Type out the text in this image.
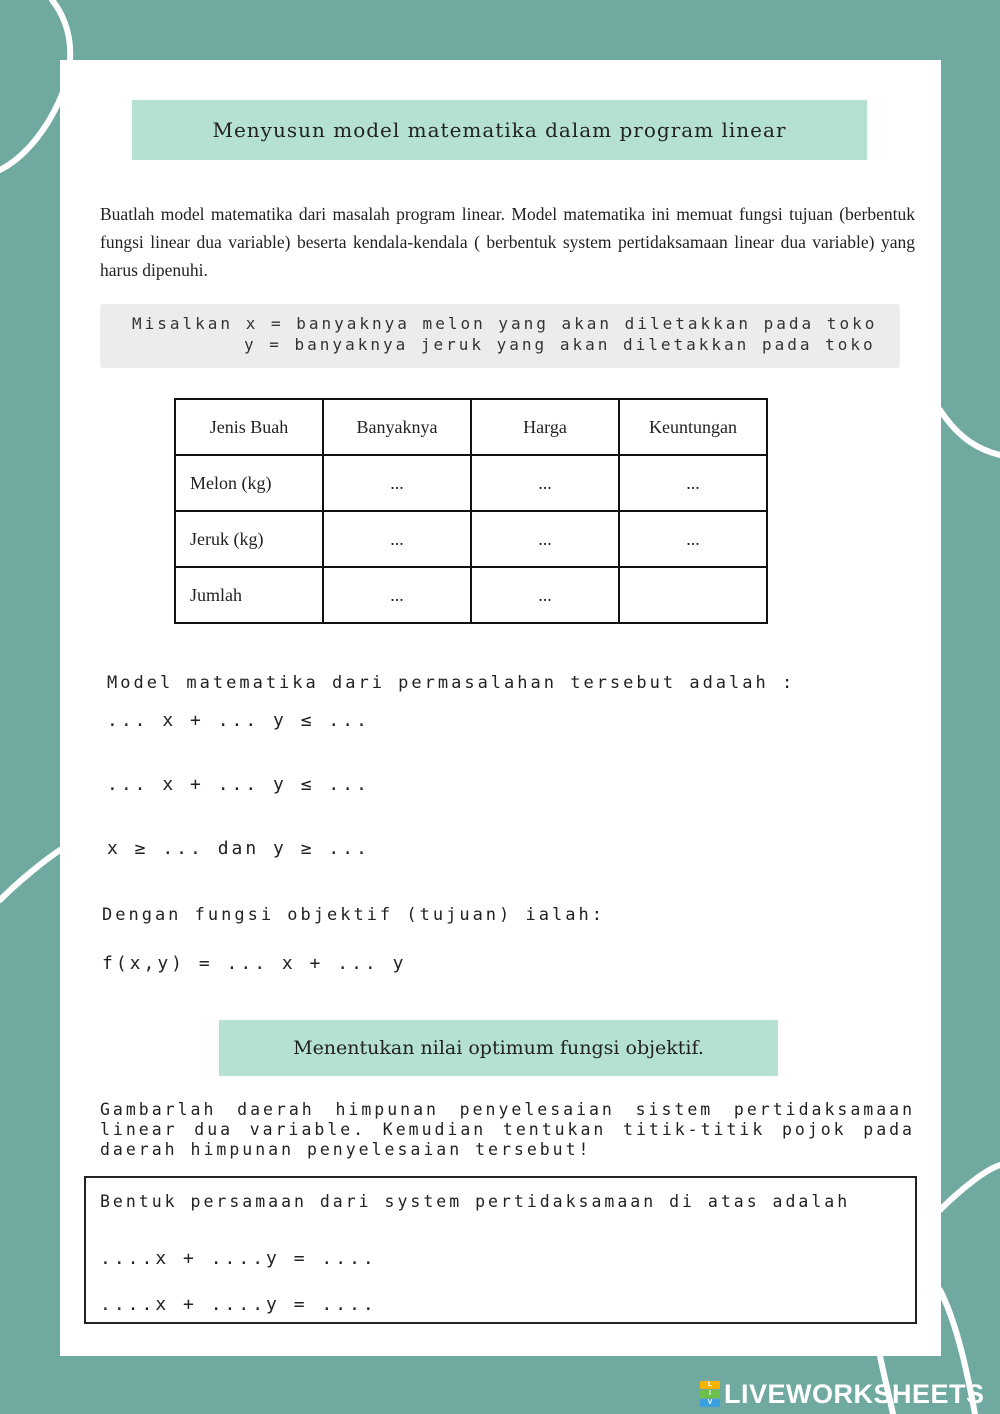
Menyusun model matematika dalam program linear
Buatlah model matematika dari masalah program linear. Model matematika ini memuat fungsi tujuan (berbentuk fungsi linear dua variable) beserta kendala-kendala ( berbentuk system pertidaksamaan linear dua variable) yang harus dipenuhi.
Misalkan x = banyaknya melon yang akan diletakkan pada toko
y = banyaknya jeruk yang akan diletakkan pada toko
Jenis Buah	Banyaknya	Harga	Keuntungan
Melon (kg)	...	...	...
Jeruk (kg)	...	...	...
Jumlah	...	...	
Model matematika dari permasalahan tersebut adalah :
... x + ... y ≤ ...
... x + ... y ≤ ...
x ≥ ... dan y ≥ ...
Dengan fungsi objektif (tujuan) ialah:
f(x,y) = ... x + ... y
Menentukan nilai optimum fungsi objektif.
Gambarlah daerah himpunan penyelesaian sistem pertidaksamaan linear dua variable. Kemudian tentukan titik-titik pojok pada daerah himpunan penyelesaian tersebut!
Bentuk persamaan dari system pertidaksamaan di atas adalah
....x + ....y = ....
....x + ....y = ....
L
I
V LIVEWORKSHEETS
